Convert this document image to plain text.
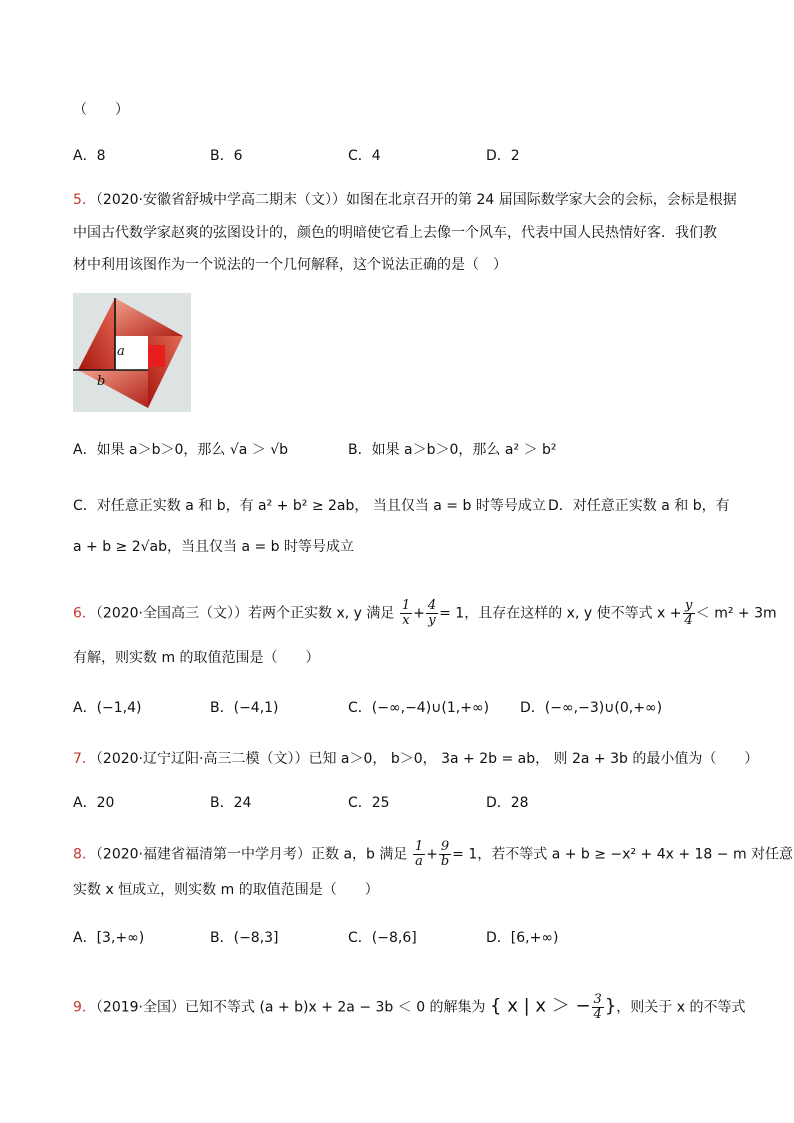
（　　）
A．8	B．6	C．4	D．2
5．（2020·安徽省舒城中学高二期末（文））如图在北京召开的第 24 届国际数学家大会的会标，会标是根据
中国古代数学家赵爽的弦图设计的，颜色的明暗使它看上去像一个风车，代表中国人民热情好客．我们教
材中利用该图作为一个说法的一个几何解释，这个说法正确的是（　）
a
b
A．如果 a＞b＞0，那么 √a ＞ √b	B．如果 a＞b＞0，那么 a² ＞ b²
C．对任意正实数 a 和 b，有 a² + b² ≥ 2ab， 当且仅当 a = b 时等号成立 D．对任意正实数 a 和 b，有
a + b ≥ 2√ab，当且仅当 a = b 时等号成立
6．（2020·全国高三（文））若两个正实数 x, y 满足 $\frac{1}{x} + \frac{4}{y} = 1$，且存在这样的 x, y 使不等式 $x + \frac{y}{4} < m^2 + 3m$
有解，则实数 m 的取值范围是（　　）
A．(−1,4)	B．(−4,1)	C．(−∞,−4)∪(1,+∞) D．(−∞,−3)∪(0,+∞)
7．（2020·辽宁辽阳·高三二模（文））已知 a＞0， b＞0， 3a + 2b = ab， 则 2a + 3b 的最小值为（　　）
A．20	B．24	C．25	D．28
8．（2020·福建省福清第一中学月考）正数 a，b 满足 $\frac{1}{a} + \frac{9}{b} = 1$，若不等式 a + b ≥ −x² + 4x + 18 − m 对任意
实数 x 恒成立，则实数 m 的取值范围是（　　）
A．[3,+∞)	B．(−8,3]	C．(−8,6]	D．[6,+∞)
9．（2019·全国）已知不等式 (a + b)x + 2a − 3b ＜ 0 的解集为 { x | x ＞ − $\frac{3}{4}$ }，则关于 x 的不等式
